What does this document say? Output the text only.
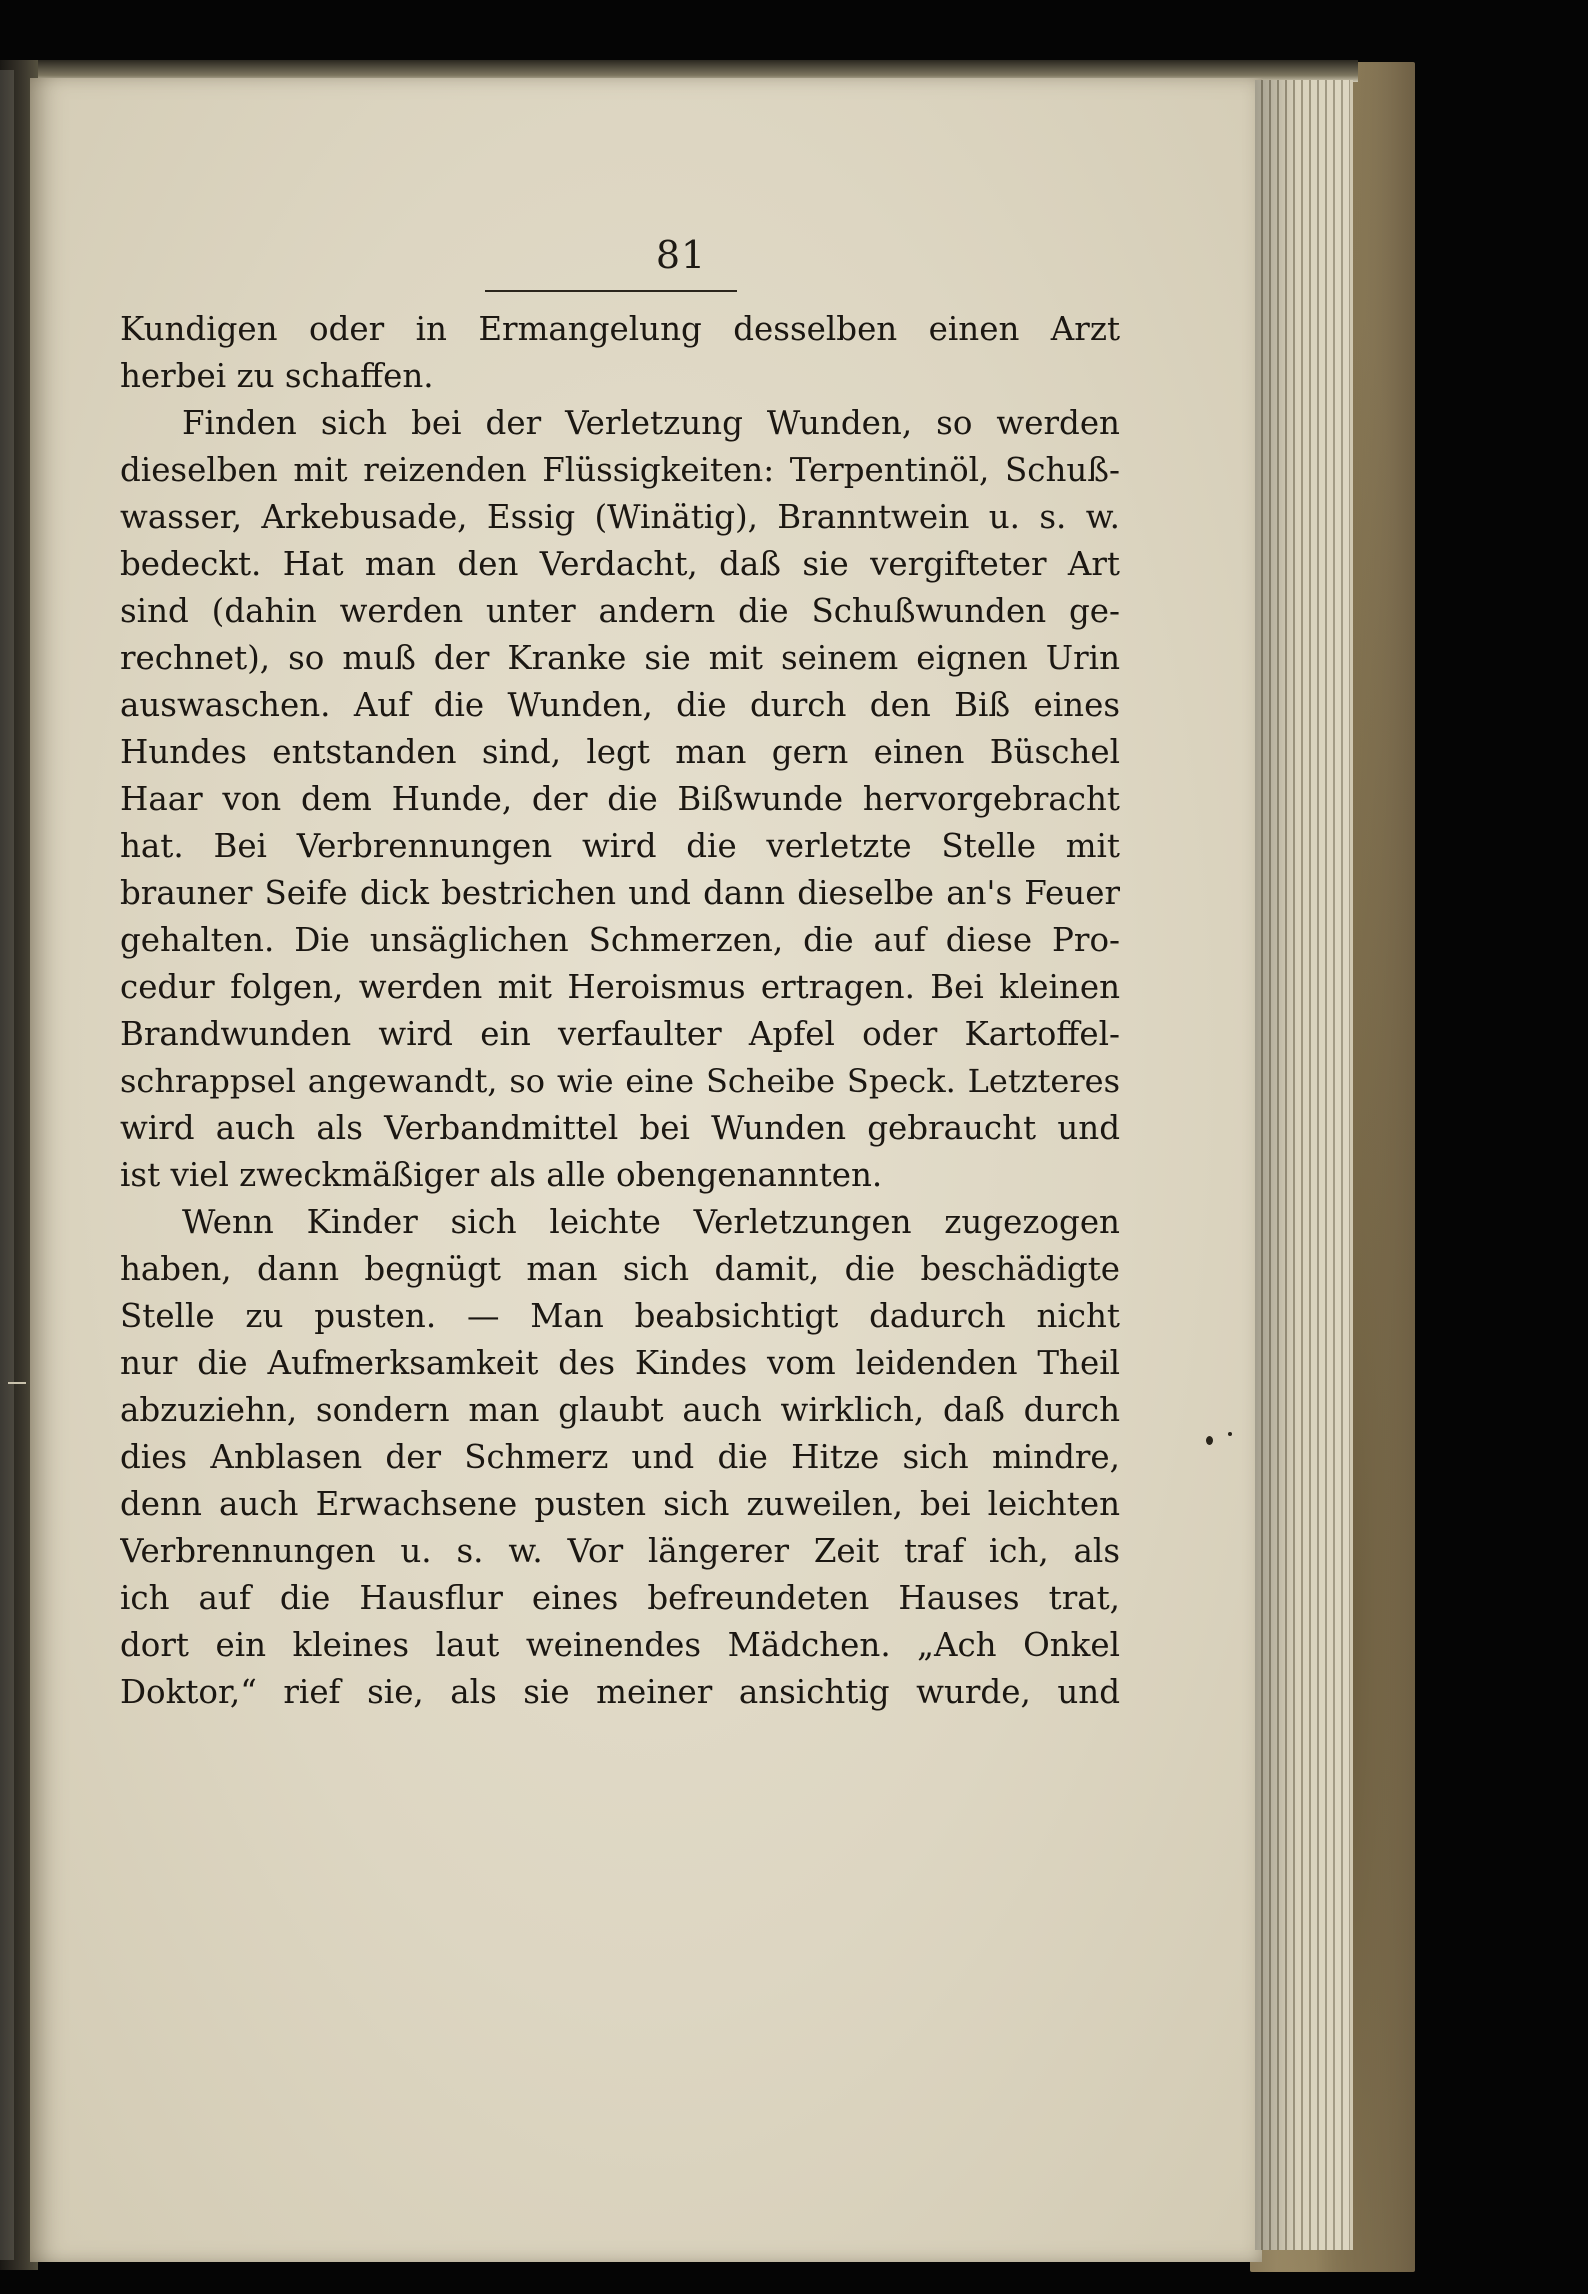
81
Kundigen oder in Ermangelung desselben einen Arzt
herbei zu schaffen.
Finden sich bei der Verletzung Wunden, so werden
dieselben mit reizenden Flüssigkeiten: Terpentinöl, Schuß-
wasser, Arkebusade, Essig (Winätig), Branntwein u. s. w.
bedeckt. Hat man den Verdacht, daß sie vergifteter Art
sind (dahin werden unter andern die Schußwunden ge-
rechnet), so muß der Kranke sie mit seinem eignen Urin
auswaschen. Auf die Wunden, die durch den Biß eines
Hundes entstanden sind, legt man gern einen Büschel
Haar von dem Hunde, der die Bißwunde hervorgebracht
hat. Bei Verbrennungen wird die verletzte Stelle mit
brauner Seife dick bestrichen und dann dieselbe an's Feuer
gehalten. Die unsäglichen Schmerzen, die auf diese Pro-
cedur folgen, werden mit Heroismus ertragen. Bei kleinen
Brandwunden wird ein verfaulter Apfel oder Kartoffel-
schrappsel angewandt, so wie eine Scheibe Speck. Letzteres
wird auch als Verbandmittel bei Wunden gebraucht und
ist viel zweckmäßiger als alle obengenannten.
Wenn Kinder sich leichte Verletzungen zugezogen
haben, dann begnügt man sich damit, die beschädigte
Stelle zu pusten. — Man beabsichtigt dadurch nicht
nur die Aufmerksamkeit des Kindes vom leidenden Theil
abzuziehn, sondern man glaubt auch wirklich, daß durch
dies Anblasen der Schmerz und die Hitze sich mindre,
denn auch Erwachsene pusten sich zuweilen, bei leichten
Verbrennungen u. s. w. Vor längerer Zeit traf ich, als
ich auf die Hausflur eines befreundeten Hauses trat,
dort ein kleines laut weinendes Mädchen. „Ach Onkel
Doktor,“ rief sie, als sie meiner ansichtig wurde, und
